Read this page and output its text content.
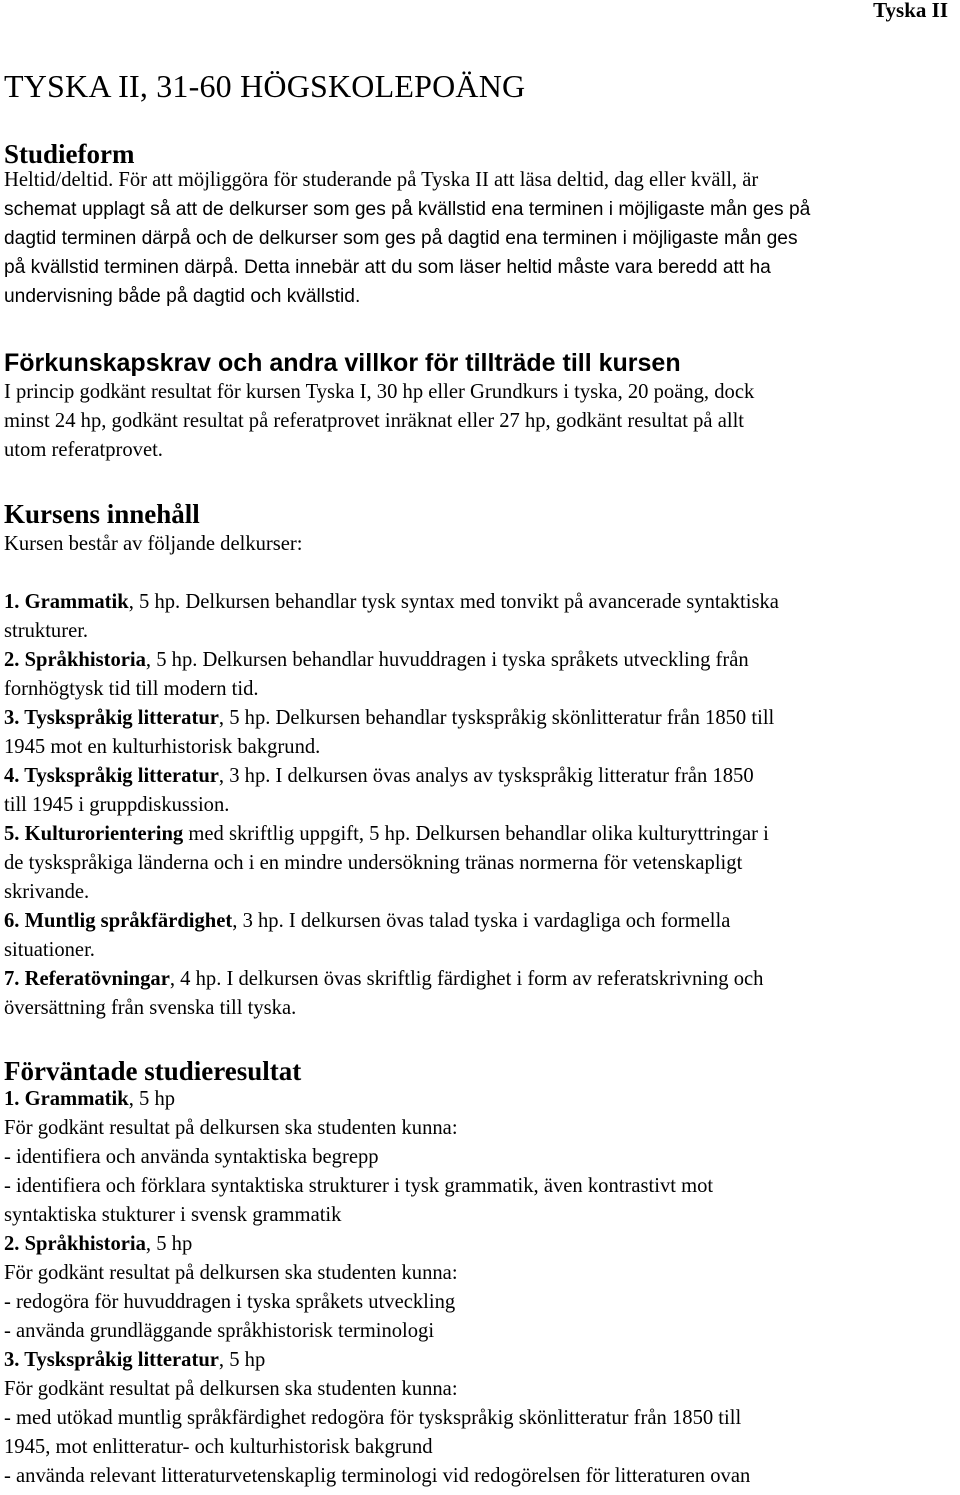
Tyska II
TYSKA II, 31-60 HÖGSKOLEPOÄNG
Studieform
Heltid/deltid. För att möjliggöra för studerande på Tyska II att läsa deltid, dag eller kväll, är
schemat upplagt så att de delkurser som ges på kvällstid ena terminen i möjligaste mån ges på
dagtid terminen därpå och de delkurser som ges på dagtid ena terminen i möjligaste mån ges
på kvällstid terminen därpå. Detta innebär att du som läser heltid måste vara beredd att ha
undervisning både på dagtid och kvällstid.
Förkunskapskrav och andra villkor för tillträde till kursen
I princip godkänt resultat för kursen Tyska I, 30 hp eller Grundkurs i tyska, 20 poäng, dock
minst 24 hp, godkänt resultat på referatprovet inräknat eller 27 hp, godkänt resultat på allt
utom referatprovet.
Kursens innehåll
Kursen består av följande delkurser:
1. Grammatik, 5 hp. Delkursen behandlar tysk syntax med tonvikt på avancerade syntaktiska
strukturer.
2. Språkhistoria, 5 hp. Delkursen behandlar huvuddragen i tyska språkets utveckling från
fornhögtysk tid till modern tid.
3. Tyskspråkig litteratur, 5 hp. Delkursen behandlar tyskspråkig skönlitteratur från 1850 till
1945 mot en kulturhistorisk bakgrund.
4. Tyskspråkig litteratur, 3 hp. I delkursen övas analys av tyskspråkig litteratur från 1850
till 1945 i gruppdiskussion.
5. Kulturorientering med skriftlig uppgift, 5 hp. Delkursen behandlar olika kulturyttringar i
de tyskspråkiga länderna och i en mindre undersökning tränas normerna för vetenskapligt
skrivande.
6. Muntlig språkfärdighet, 3 hp. I delkursen övas talad tyska i vardagliga och formella
situationer.
7. Referatövningar, 4 hp. I delkursen övas skriftlig färdighet i form av referatskrivning och
översättning från svenska till tyska.
Förväntade studieresultat
1. Grammatik, 5 hp
För godkänt resultat på delkursen ska studenten kunna:
- identifiera och använda syntaktiska begrepp
- identifiera och förklara syntaktiska strukturer i tysk grammatik, även kontrastivt mot
syntaktiska stukturer i svensk grammatik
2. Språkhistoria, 5 hp
För godkänt resultat på delkursen ska studenten kunna:
- redogöra för huvuddragen i tyska språkets utveckling
- använda grundläggande språkhistorisk terminologi
3. Tyskspråkig litteratur, 5 hp
För godkänt resultat på delkursen ska studenten kunna:
- med utökad muntlig språkfärdighet redogöra för tyskspråkig skönlitteratur från 1850 till
1945, mot enlitteratur- och kulturhistorisk bakgrund
- använda relevant litteraturvetenskaplig terminologi vid redogörelsen för litteraturen ovan
